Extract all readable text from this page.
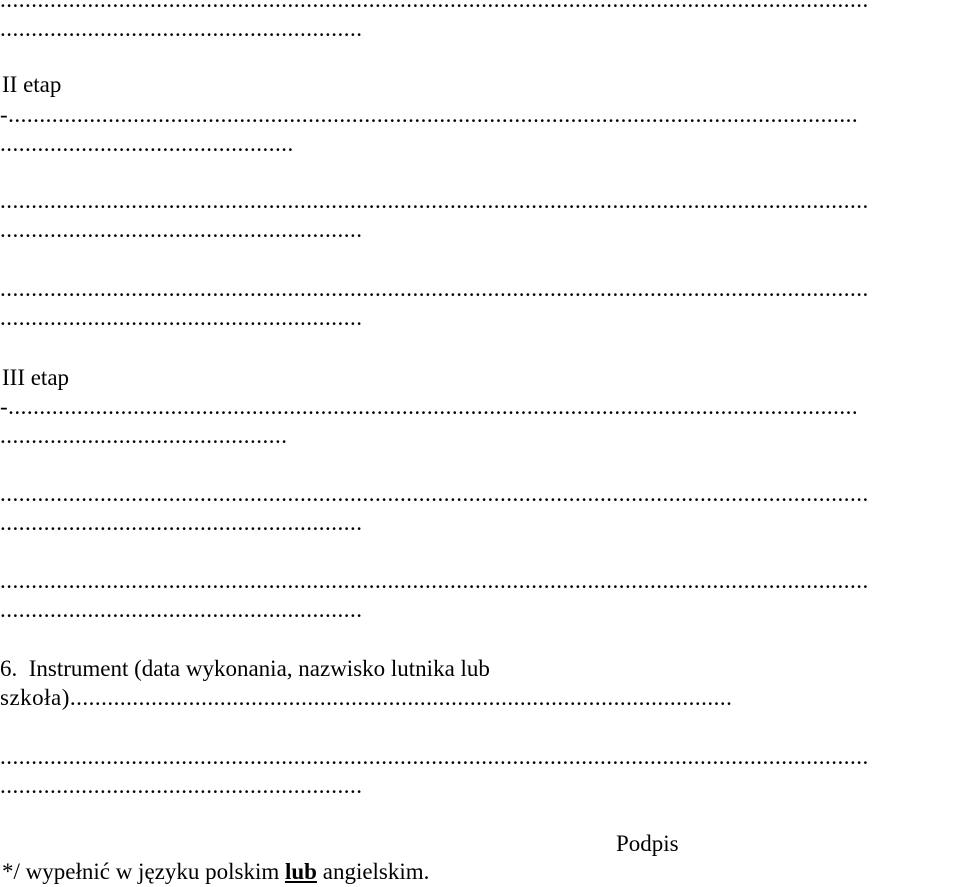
..........................................................
II etap
-........................................................................................................................................
...............................................
...........................................................................................................................................
..........................................................
...........................................................................................................................................
..........................................................
III etap
-........................................................................................................................................
..............................................
...........................................................................................................................................
..........................................................
...........................................................................................................................................
..........................................................
6.  Instrument (data wykonania, nazwisko lutnika lub
szkoła)..........................................................................................................
...........................................................................................................................................
..........................................................
Podpis
*/ wypełnić w języku polskim lub angielskim.
